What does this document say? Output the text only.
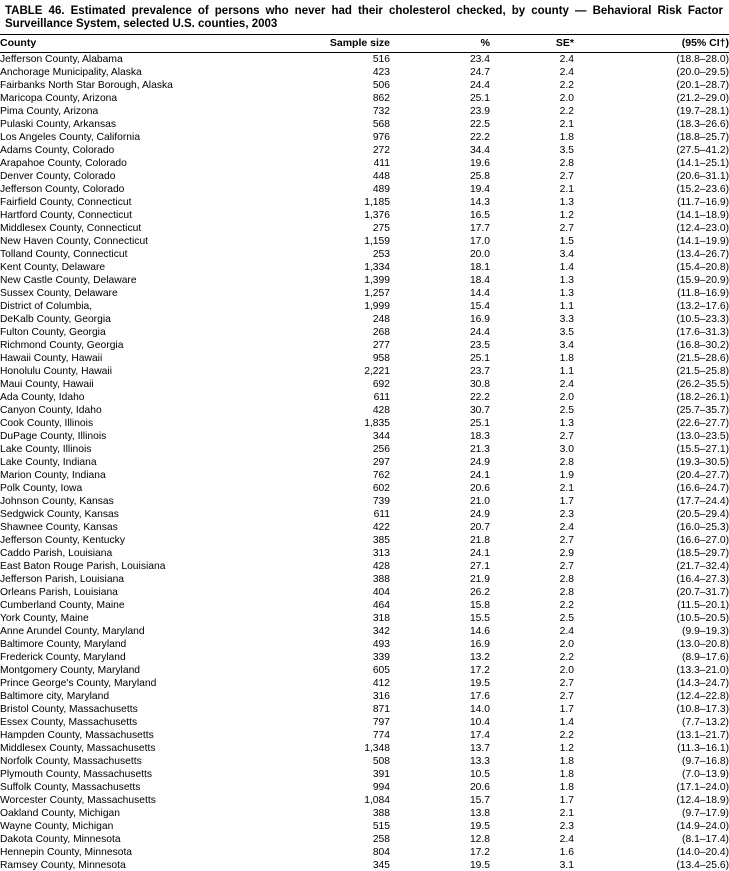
TABLE 46. Estimated prevalence of persons who never had their cholesterol checked, by county — Behavioral Risk Factor Surveillance System, selected U.S. counties, 2003
County	Sample size	%	SE*	(95% CI†)
Jefferson County, Alabama	516	23.4	2.4	(18.8–28.0)
Anchorage Municipality, Alaska	423	24.7	2.4	(20.0–29.5)
Fairbanks North Star Borough, Alaska	506	24.4	2.2	(20.1–28.7)
Maricopa County, Arizona	862	25.1	2.0	(21.2–29.0)
Pima County, Arizona	732	23.9	2.2	(19.7–28.1)
Pulaski County, Arkansas	568	22.5	2.1	(18.3–26.6)
Los Angeles County, California	976	22.2	1.8	(18.8–25.7)
Adams County, Colorado	272	34.4	3.5	(27.5–41.2)
Arapahoe County, Colorado	411	19.6	2.8	(14.1–25.1)
Denver County, Colorado	448	25.8	2.7	(20.6–31.1)
Jefferson County, Colorado	489	19.4	2.1	(15.2–23.6)
Fairfield County, Connecticut	1,185	14.3	1.3	(11.7–16.9)
Hartford County, Connecticut	1,376	16.5	1.2	(14.1–18.9)
Middlesex County, Connecticut	275	17.7	2.7	(12.4–23.0)
New Haven County, Connecticut	1,159	17.0	1.5	(14.1–19.9)
Tolland County, Connecticut	253	20.0	3.4	(13.4–26.7)
Kent County, Delaware	1,334	18.1	1.4	(15.4–20.8)
New Castle County, Delaware	1,399	18.4	1.3	(15.9–20.9)
Sussex County, Delaware	1,257	14.4	1.3	(11.8–16.9)
District of Columbia,	1,999	15.4	1.1	(13.2–17.6)
DeKalb County, Georgia	248	16.9	3.3	(10.5–23.3)
Fulton County, Georgia	268	24.4	3.5	(17.6–31.3)
Richmond County, Georgia	277	23.5	3.4	(16.8–30.2)
Hawaii County, Hawaii	958	25.1	1.8	(21.5–28.6)
Honolulu County, Hawaii	2,221	23.7	1.1	(21.5–25.8)
Maui County, Hawaii	692	30.8	2.4	(26.2–35.5)
Ada County, Idaho	611	22.2	2.0	(18.2–26.1)
Canyon County, Idaho	428	30.7	2.5	(25.7–35.7)
Cook County, Illinois	1,835	25.1	1.3	(22.6–27.7)
DuPage County, Illinois	344	18.3	2.7	(13.0–23.5)
Lake County, Illinois	256	21.3	3.0	(15.5–27.1)
Lake County, Indiana	297	24.9	2.8	(19.3–30.5)
Marion County, Indiana	762	24.1	1.9	(20.4–27.7)
Polk County, Iowa	602	20.6	2.1	(16.6–24.7)
Johnson County, Kansas	739	21.0	1.7	(17.7–24.4)
Sedgwick County, Kansas	611	24.9	2.3	(20.5–29.4)
Shawnee County, Kansas	422	20.7	2.4	(16.0–25.3)
Jefferson County, Kentucky	385	21.8	2.7	(16.6–27.0)
Caddo Parish, Louisiana	313	24.1	2.9	(18.5–29.7)
East Baton Rouge Parish, Louisiana	428	27.1	2.7	(21.7–32.4)
Jefferson Parish, Louisiana	388	21.9	2.8	(16.4–27.3)
Orleans Parish, Louisiana	404	26.2	2.8	(20.7–31.7)
Cumberland County, Maine	464	15.8	2.2	(11.5–20.1)
York County, Maine	318	15.5	2.5	(10.5–20.5)
Anne Arundel County, Maryland	342	14.6	2.4	(9.9–19.3)
Baltimore County, Maryland	493	16.9	2.0	(13.0–20.8)
Frederick County, Maryland	339	13.2	2.2	(8.9–17.6)
Montgomery County, Maryland	605	17.2	2.0	(13.3–21.0)
Prince George's County, Maryland	412	19.5	2.7	(14.3–24.7)
Baltimore city, Maryland	316	17.6	2.7	(12.4–22.8)
Bristol County, Massachusetts	871	14.0	1.7	(10.8–17.3)
Essex County, Massachusetts	797	10.4	1.4	(7.7–13.2)
Hampden County, Massachusetts	774	17.4	2.2	(13.1–21.7)
Middlesex County, Massachusetts	1,348	13.7	1.2	(11.3–16.1)
Norfolk County, Massachusetts	508	13.3	1.8	(9.7–16.8)
Plymouth County, Massachusetts	391	10.5	1.8	(7.0–13.9)
Suffolk County, Massachusetts	994	20.6	1.8	(17.1–24.0)
Worcester County, Massachusetts	1,084	15.7	1.7	(12.4–18.9)
Oakland County, Michigan	388	13.8	2.1	(9.7–17.9)
Wayne County, Michigan	515	19.5	2.3	(14.9–24.0)
Dakota County, Minnesota	258	12.8	2.4	(8.1–17.4)
Hennepin County, Minnesota	804	17.2	1.6	(14.0–20.4)
Ramsey County, Minnesota	345	19.5	3.1	(13.4–25.6)
